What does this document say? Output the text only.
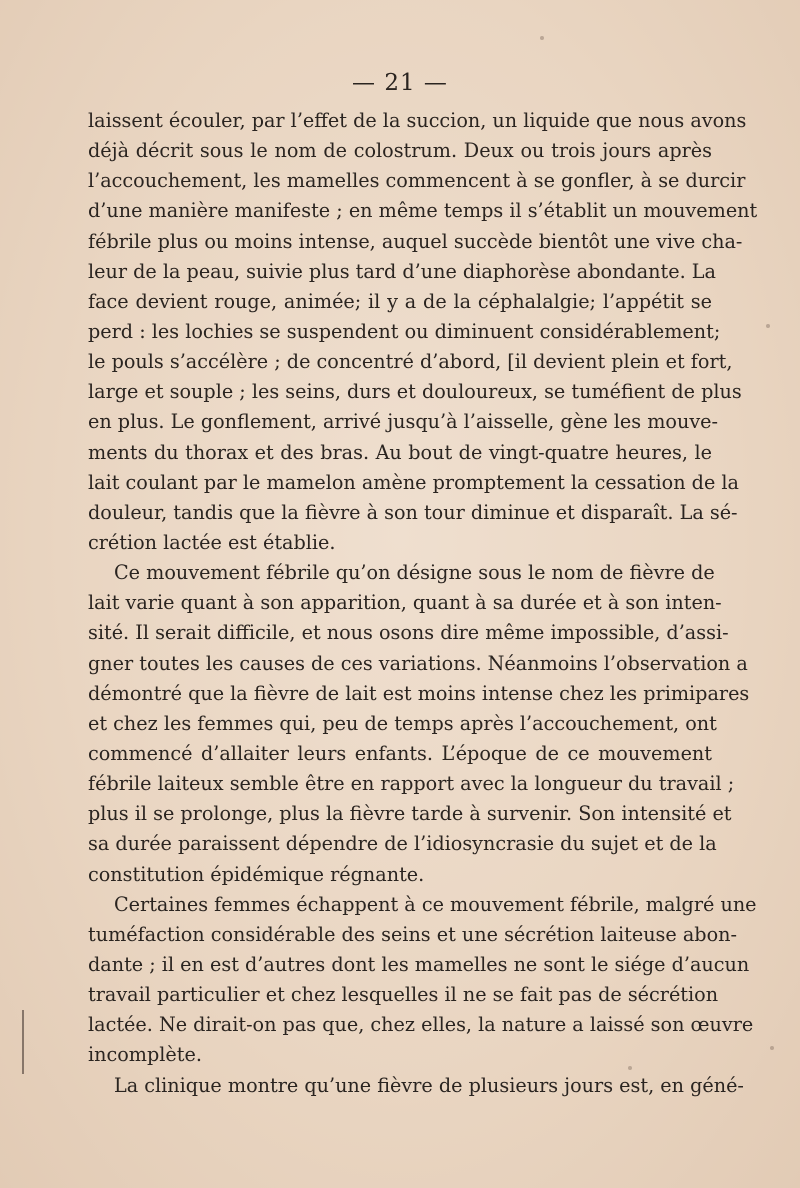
— 21 —
laissent écouler, par l’effet de la succion, un liquide que nous avons
déjà décrit sous le nom de colostrum. Deux ou trois jours après
l’accouchement, les mamelles commencent à se gonfler, à se durcir
d’une manière manifeste ; en même temps il s’établit un mouvement
fébrile plus ou moins intense, auquel succède bientôt une vive cha-
leur de la peau, suivie plus tard d’une diaphorèse abondante. La
face devient rouge, animée; il y a de la céphalalgie; l’appétit se
perd : les lochies se suspendent ou diminuent considérablement;
le pouls s’accélère ; de concentré d’abord, [il devient plein et fort,
large et souple ; les seins, durs et douloureux, se tuméfient de plus
en plus. Le gonflement, arrivé jusqu’à l’aisselle, gène les mouve-
ments du thorax et des bras. Au bout de vingt-quatre heures, le
lait coulant par le mamelon amène promptement la cessation de la
douleur, tandis que la fièvre à son tour diminue et disparaît. La sé-
crétion lactée est établie.
Ce mouvement fébrile qu’on désigne sous le nom de fièvre de
lait varie quant à son apparition, quant à sa durée et à son inten-
sité. Il serait difficile, et nous osons dire même impossible, d’assi-
gner toutes les causes de ces variations. Néanmoins l’observation a
démontré que la fièvre de lait est moins intense chez les primipares
et chez les femmes qui, peu de temps après l’accouchement, ont
commencé d’allaiter leurs enfants. L’époque de ce mouvement
fébrile laiteux semble être en rapport avec la longueur du travail ;
plus il se prolonge, plus la fièvre tarde à survenir. Son intensité et
sa durée paraissent dépendre de l’idiosyncrasie du sujet et de la
constitution épidémique régnante.
Certaines femmes échappent à ce mouvement fébrile, malgré une
tuméfaction considérable des seins et une sécrétion laiteuse abon-
dante ; il en est d’autres dont les mamelles ne sont le siége d’aucun
travail particulier et chez lesquelles il ne se fait pas de sécrétion
lactée. Ne dirait-on pas que, chez elles, la nature a laissé son œuvre
incomplète.
La clinique montre qu’une fièvre de plusieurs jours est, en géné-
